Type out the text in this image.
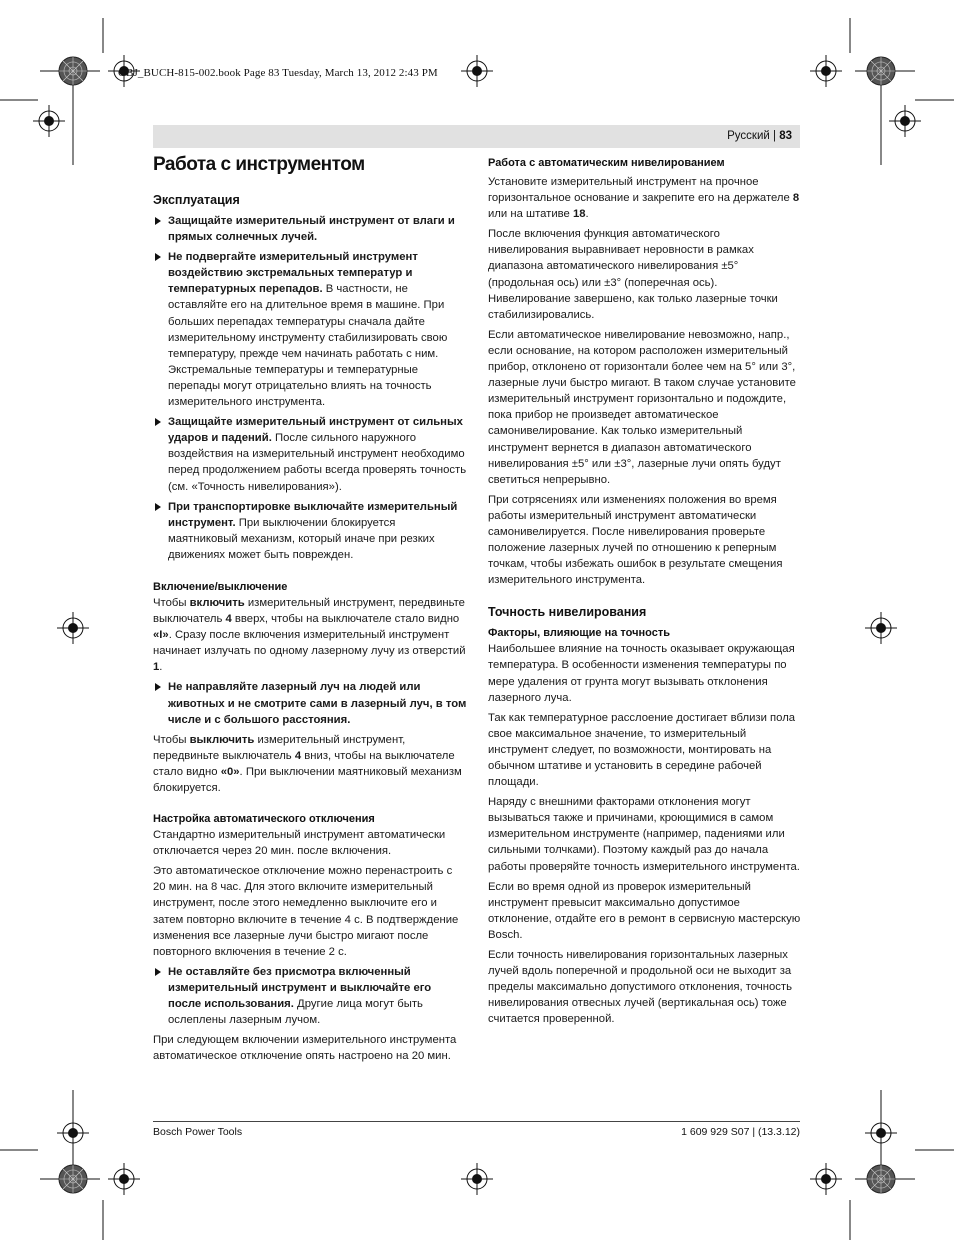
OBJ_BUCH-815-002.book Page 83 Tuesday, March 13, 2012 2:43 PM
Русский | 83
Работа с инструментом
Эксплуатация

Защищайте измерительный инструмент от влаги и прямых солнечных лучей.

Не подвергайте измерительный инструмент воздействию экстремальных температур и температурных перепадов. В частности, не оставляйте его на длительное время в машине. При больших перепадах температуры сначала дайте измерительному инструменту стабилизировать свою температуру, прежде чем начинать работать с ним. Экстремальные температуры и температурные перепады могут отрицательно влиять на точность измерительного инструмента.

Защищайте измерительный инструмент от сильных ударов и падений. После сильного наружного воздействия на измерительный инструмент необходимо перед продолжением работы всегда проверять точность (см. «Точность нивелирования»).

При транспортировке выключайте измерительный инструмент. При выключении блокируется маятниковый механизм, который иначе при резких движениях может быть поврежден.

Включение/выключение

Чтобы включить измерительный инструмент, передвиньте выключатель 4 вверх, чтобы на выключателе стало видно «I». Сразу после включения измерительный инструмент начинает излучать по одному лазерному лучу из отверстий 1.

Не направляйте лазерный луч на людей или животных и не смотрите сами в лазерный луч, в том числе и с большого расстояния.

Чтобы выключить измерительный инструмент, передвиньте выключатель 4 вниз, чтобы на выключателе стало видно «0». При выключении маятниковый механизм блокируется.

Настройка автоматического отключения

Стандартно измерительный инструмент автоматически отключается через 20 мин. после включения.

Это автоматическое отключение можно перенастроить с 20 мин. на 8 час. Для этого включите измерительный инструмент, после этого немедленно выключите его и затем повторно включите в течение 4 с. В подтверждение изменения все лазерные лучи быстро мигают после повторного включения в течение 2 с.

Не оставляйте без присмотра включенный измерительный инструмент и выключайте его после использования. Другие лица могут быть ослеплены лазерным лучом.

При следующем включении измерительного инструмента автоматическое отключение опять настроено на 20 мин.

Работа с автоматическим нивелированием

Установите измерительный инструмент на прочное горизонтальное основание и закрепите его на держателе 8 или на штативе 18.

После включения функция автоматического нивелирования выравнивает неровности в рамках диапазона автоматического нивелирования ±5° (продольная ось) или ±3° (поперечная ось). Нивелирование завершено, как только лазерные точки стабилизировались.

Если автоматическое нивелирование невозможно, напр., если основание, на котором расположен измерительный прибор, отклонено от горизонтали более чем на 5° или 3°, лазерные лучи быстро мигают. В таком случае установите измерительный инструмент горизонтально и подождите, пока прибор не произведет автоматическое самонивелирование. Как только измерительный инструмент вернется в диапазон автоматического нивелирования ±5° или ±3°, лазерные лучи опять будут светиться непрерывно.

При сотрясениях или изменениях положения во время работы измерительный инструмент автоматически самонивелируется. После нивелирования проверьте положение лазерных лучей по отношению к реперным точкам, чтобы избежать ошибок в результате смещения измерительного инструмента.

Точность нивелирования
Факторы, влияющие на точность

Наибольшее влияние на точность оказывает окружающая температура. В особенности изменения температуры по мере удаления от грунта могут вызывать отклонения лазерного луча.

Так как температурное расслоение достигает вблизи пола свое максимальное значение, то измерительный инструмент следует, по возможности, монтировать на обычном штативе и установить в середине рабочей площади.

Наряду с внешними факторами отклонения могут вызываться также и причинами, кроющимися в самом измерительном инструменте (например, падениями или сильными толчками). Поэтому каждый раз до начала работы проверяйте точность измерительного инструмента.

Если во время одной из проверок измерительный инструмент превысит максимально допустимое отклонение, отдайте его в ремонт в сервисную мастерскую Bosch.

Если точность нивелирования горизонтальных лазерных лучей вдоль поперечной и продольной оси не выходит за пределы максимально допустимого отклонения, точность нивелирования отвесных лучей (вертикальная ось) тоже считается проверенной.

Bosch Power Tools	1 609 929 S07 | (13.3.12)
